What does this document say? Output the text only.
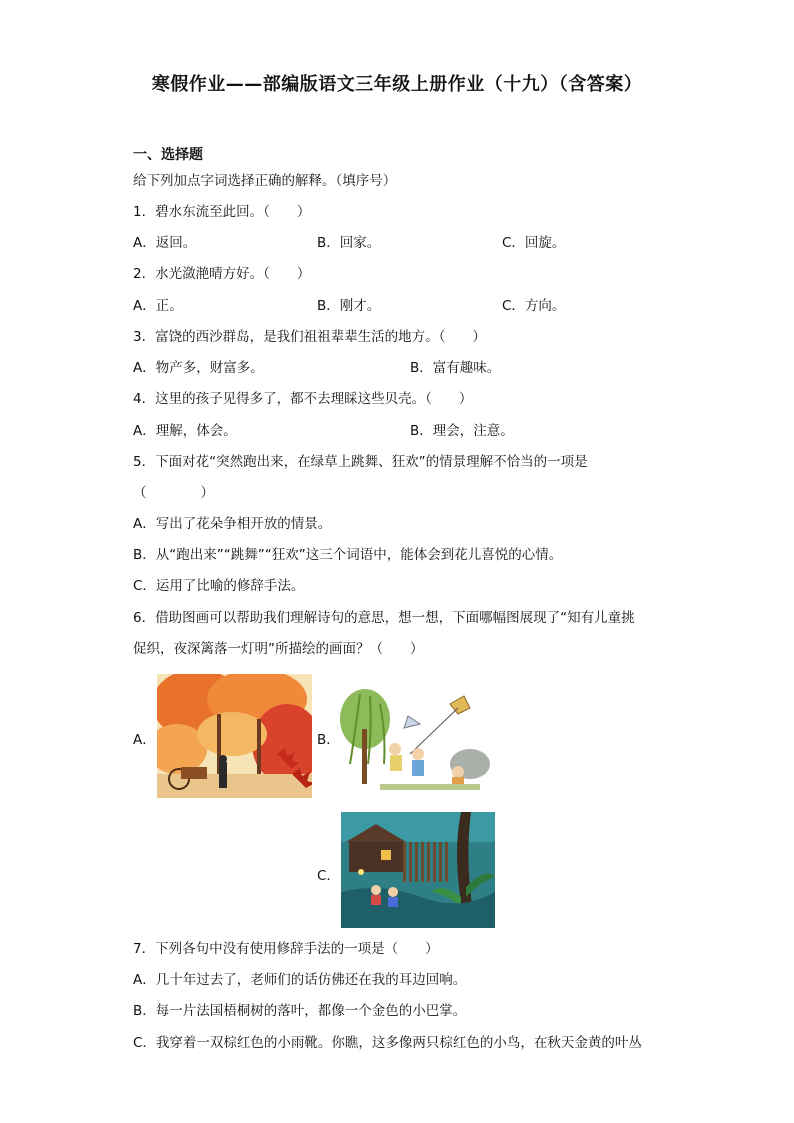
寒假作业——部编版语文三年级上册作业（十九）（含答案）
一、选择题
给下列加点字词选择正确的解释。（填序号）
1．碧水东流至此回。（　　）
A．返回。	B．回家。	C．回旋。
2．水光潋滟晴方好。（　　）
A．正。	B．刚才。	C．方向。
3．富饶的西沙群岛，是我们祖祖辈辈生活的地方。（　　）
A．物产多，财富多。	B．富有趣味。
4．这里的孩子见得多了，都不去理睬这些贝壳。（　　）
A．理解，体会。	B．理会，注意。
5．下面对花“突然跑出来，在绿草上跳舞、狂欢”的情景理解不恰当的一项是
（　　　　）
A．写出了花朵争相开放的情景。
B．从“跑出来”“跳舞”“狂欢”这三个词语中，能体会到花儿喜悦的心情。
C．运用了比喻的修辞手法。
6．借助图画可以帮助我们理解诗句的意思，想一想，下面哪幅图展现了“知有儿童挑
促织，夜深篱落一灯明”所描绘的画面？（　　）
A．	B．
C．
7．下列各句中没有使用修辞手法的一项是（　　）
A．几十年过去了，老师们的话仿佛还在我的耳边回响。
B．每一片法国梧桐树的落叶，都像一个金色的小巴掌。
C．我穿着一双棕红色的小雨靴。你瞧，这多像两只棕红色的小鸟，在秋天金黄的叶丛
